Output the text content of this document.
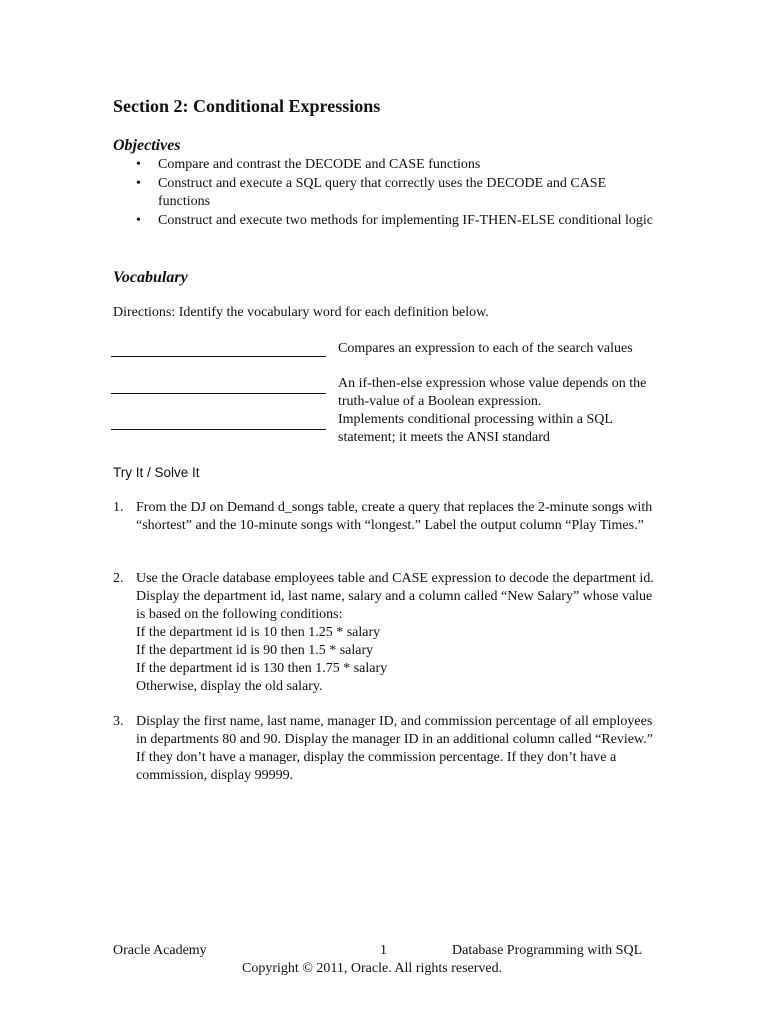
Section 2: Conditional Expressions
Objectives
• Compare and contrast the DECODE and CASE functions
• Construct and execute a SQL query that correctly uses the DECODE and CASE functions
• Construct and execute two methods for implementing IF-THEN-ELSE conditional logic
Vocabulary
Directions: Identify the vocabulary word for each definition below.
Compares an expression to each of the search values
An if-then-else expression whose value depends on the truth-value of a Boolean expression.
Implements conditional processing within a SQL statement; it meets the ANSI standard
Try It / Solve It
1. From the DJ on Demand d_songs table, create a query that replaces the 2-minute songs with “shortest” and the 10-minute songs with “longest.” Label the output column “Play Times.”
2. Use the Oracle database employees table and CASE expression to decode the department id. Display the department id, last name, salary and a column called “New Salary” whose value is based on the following conditions:
If the department id is 10 then 1.25 * salary
If the department id is 90 then 1.5 * salary
If the department id is 130 then 1.75 * salary
Otherwise, display the old salary.
3. Display the first name, last name, manager ID, and commission percentage of all employees in departments 80 and 90. Display the manager ID in an additional column called “Review.” If they don’t have a manager, display the commission percentage. If they don’t have a commission, display 99999.
Oracle Academy	1	Database Programming with SQL
Copyright © 2011, Oracle. All rights reserved.
